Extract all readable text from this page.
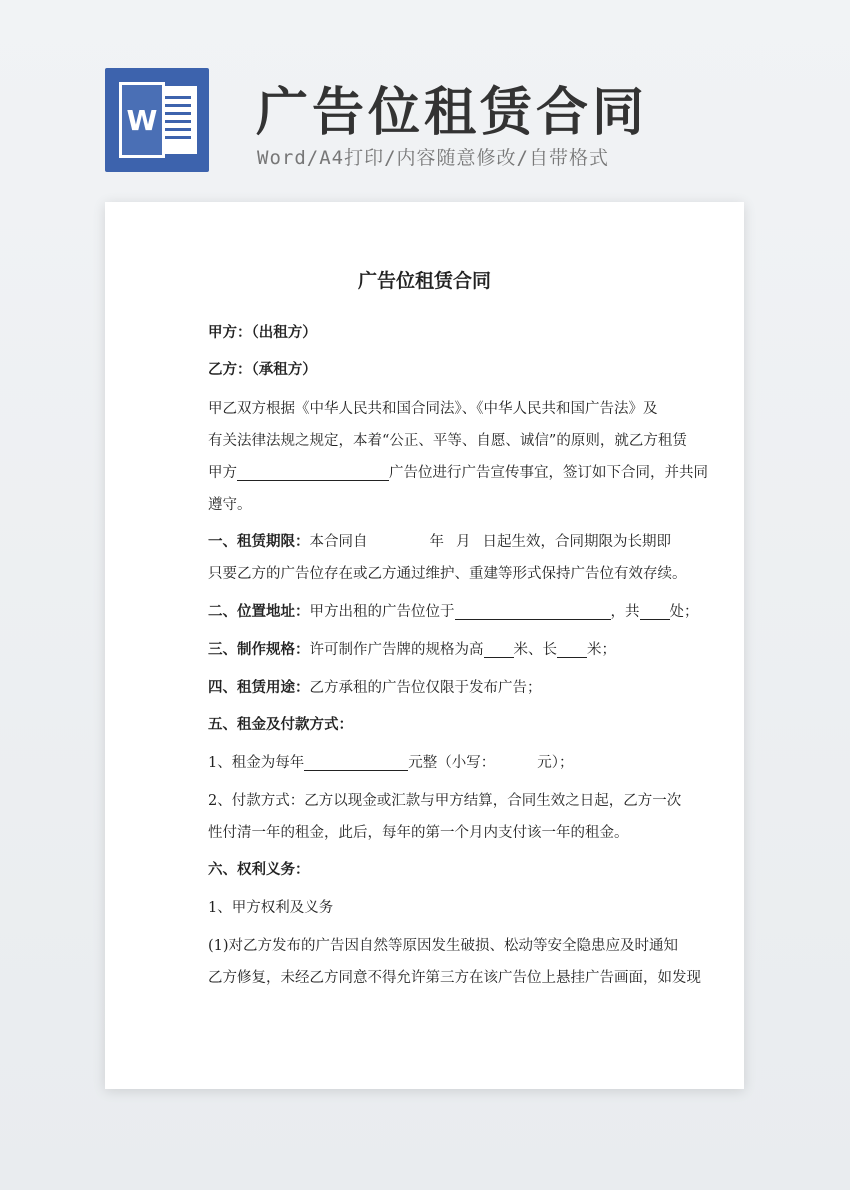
W 广告位租赁合同
Word/A4打印/内容随意修改/自带格式
广告位租赁合同
甲方：（出租方）
乙方：（承租方）
甲乙双方根据《中华人民共和国合同法》、《中华人民共和国广告法》及
有关法律法规之规定，本着“公正、平等、自愿、诚信”的原则，就乙方租赁
甲方	广告位进行广告宣传事宜，签订如下合同，并共同
遵守。
一、租赁期限：本合同自	年 月 日起生效，合同期限为长期即
只要乙方的广告位存在或乙方通过维护、重建等形式保持广告位有效存续。
二、位置地址：甲方出租的广告位位于	，共 处；
三、制作规格：许可制作广告牌的规格为高 米、长 米；
四、租赁用途：乙方承租的广告位仅限于发布广告；
五、租金及付款方式：
1、租金为每年	元整（小写：	元）；
2、付款方式：乙方以现金或汇款与甲方结算，合同生效之日起，乙方一次
性付清一年的租金，此后，每年的第一个月内支付该一年的租金。
六、权利义务：
1、甲方权利及义务
(1)对乙方发布的广告因自然等原因发生破损、松动等安全隐患应及时通知
乙方修复，未经乙方同意不得允许第三方在该广告位上悬挂广告画面，如发现
